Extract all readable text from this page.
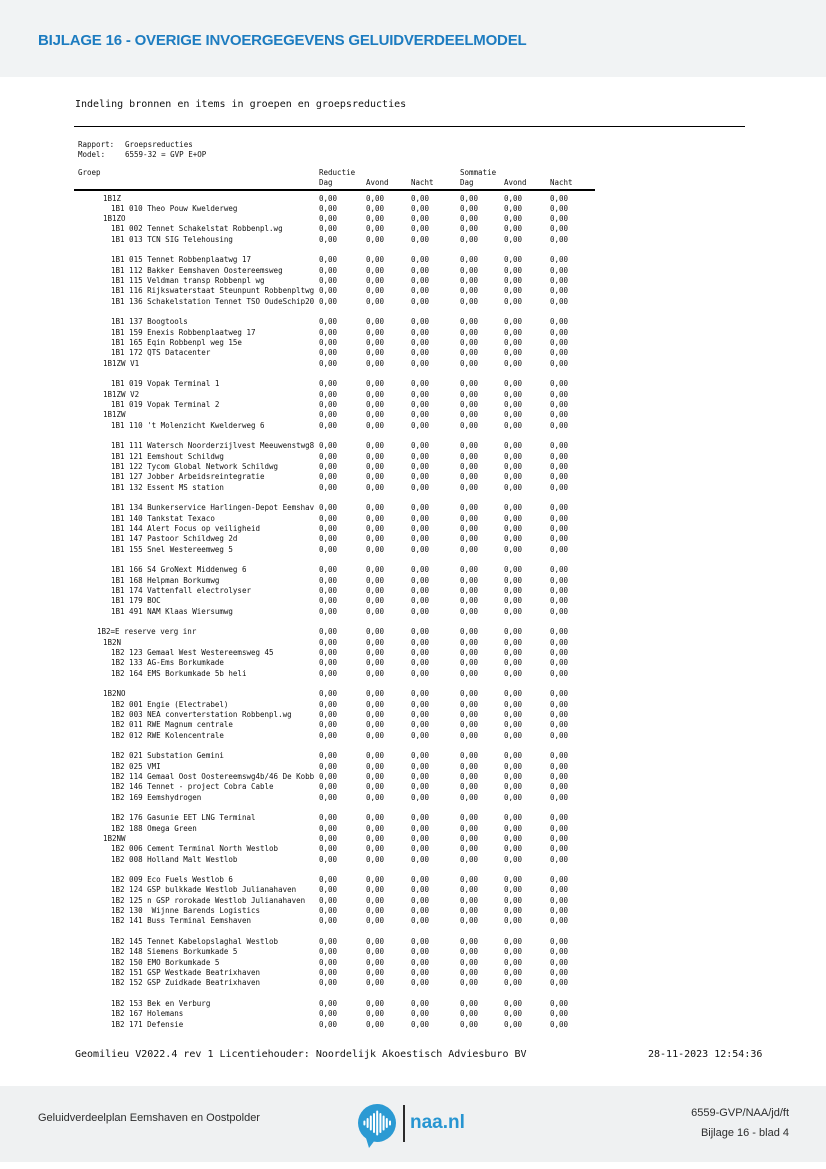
BIJLAGE 16 - OVERIGE INVOERGEGEVENS GELUIDVERDEELMODEL
Indeling bronnen en items in groepen en groepsreducties
Rapport: Groepsreducties
Model:	6559-32 = GVP E+OP
Groep	Reductie	Sommatie
Dag	Avond	Nacht	Dag	Avond	Nacht
1B1Z	0,00	0,00	0,00	0,00	0,00	0,00
1B1 010 Theo Pouw Kwelderweg	0,00	0,00	0,00	0,00	0,00	0,00
1B1ZO	0,00	0,00	0,00	0,00	0,00	0,00
1B1 002 Tennet Schakelstat Robbenpl.wg	0,00	0,00	0,00	0,00	0,00	0,00
1B1 013 TCN SIG Telehousing	0,00	0,00	0,00	0,00	0,00	0,00
1B1 015 Tennet Robbenplaatwg 17	0,00	0,00	0,00	0,00	0,00	0,00
1B1 112 Bakker Eemshaven Oostereemsweg	0,00	0,00	0,00	0,00	0,00	0,00
1B1 115 Veldman transp Robbenpl wg	0,00	0,00	0,00	0,00	0,00	0,00
1B1 116 Rijkswaterstaat Steunpunt Robbenpltwg 0,00	0,00	0,00	0,00	0,00	0,00
1B1 136 Schakelstation Tennet TSO OudeSchip20 0,00	0,00	0,00	0,00	0,00	0,00
1B1 137 Boogtools	0,00	0,00	0,00	0,00	0,00	0,00
1B1 159 Enexis Robbenplaatweg 17	0,00	0,00	0,00	0,00	0,00	0,00
1B1 165 Eqin Robbenpl weg 15e	0,00	0,00	0,00	0,00	0,00	0,00
1B1 172 QTS Datacenter	0,00	0,00	0,00	0,00	0,00	0,00
1B1ZW V1	0,00	0,00	0,00	0,00	0,00	0,00
1B1 019 Vopak Terminal 1	0,00	0,00	0,00	0,00	0,00	0,00
1B1ZW V2	0,00	0,00	0,00	0,00	0,00	0,00
1B1 019 Vopak Terminal 2	0,00	0,00	0,00	0,00	0,00	0,00
1B1ZW	0,00	0,00	0,00	0,00	0,00	0,00
1B1 110 't Molenzicht Kwelderweg 6	0,00	0,00	0,00	0,00	0,00	0,00
1B1 111 Watersch Noorderzijlvest Meeuwenstwg8 0,00	0,00	0,00	0,00	0,00	0,00
1B1 121 Eemshout Schildwg	0,00	0,00	0,00	0,00	0,00	0,00
1B1 122 Tycom Global Network Schildwg	0,00	0,00	0,00	0,00	0,00	0,00
1B1 127 Jobber Arbeidsreintegratie	0,00	0,00	0,00	0,00	0,00	0,00
1B1 132 Essent MS station	0,00	0,00	0,00	0,00	0,00	0,00
1B1 134 Bunkerservice Harlingen-Depot Eemshav 0,00	0,00	0,00	0,00	0,00	0,00
1B1 140 Tankstat Texaco	0,00	0,00	0,00	0,00	0,00	0,00
1B1 144 Alert Focus op veiligheid	0,00	0,00	0,00	0,00	0,00	0,00
1B1 147 Pastoor Schildweg 2d	0,00	0,00	0,00	0,00	0,00	0,00
1B1 155 Snel Westereemweg 5	0,00	0,00	0,00	0,00	0,00	0,00
1B1 166 S4 GroNext Middenweg 6	0,00	0,00	0,00	0,00	0,00	0,00
1B1 168 Helpman Borkumwg	0,00	0,00	0,00	0,00	0,00	0,00
1B1 174 Vattenfall electrolyser	0,00	0,00	0,00	0,00	0,00	0,00
1B1 179 BOC	0,00	0,00	0,00	0,00	0,00	0,00
1B1 491 NAM Klaas Wiersumwg	0,00	0,00	0,00	0,00	0,00	0,00
1B2=E reserve verg inr	0,00	0,00	0,00	0,00	0,00	0,00
1B2N	0,00	0,00	0,00	0,00	0,00	0,00
1B2 123 Gemaal West Westereemsweg 45	0,00	0,00	0,00	0,00	0,00	0,00
1B2 133 AG-Ems Borkumkade	0,00	0,00	0,00	0,00	0,00	0,00
1B2 164 EMS Borkumkade 5b heli	0,00	0,00	0,00	0,00	0,00	0,00
1B2NO	0,00	0,00	0,00	0,00	0,00	0,00
1B2 001 Engie (Electrabel)	0,00	0,00	0,00	0,00	0,00	0,00
1B2 003 NEA converterstation Robbenpl.wg	0,00	0,00	0,00	0,00	0,00	0,00
1B2 011 RWE Magnum centrale	0,00	0,00	0,00	0,00	0,00	0,00
1B2 012 RWE Kolencentrale	0,00	0,00	0,00	0,00	0,00	0,00
1B2 021 Substation Gemini	0,00	0,00	0,00	0,00	0,00	0,00
1B2 025 VMI	0,00	0,00	0,00	0,00	0,00	0,00
1B2 114 Gemaal Oost Oostereemswg4b/46 De Kobb 0,00	0,00	0,00	0,00	0,00	0,00
1B2 146 Tennet - project Cobra Cable	0,00	0,00	0,00	0,00	0,00	0,00
1B2 169 Eemshydrogen	0,00	0,00	0,00	0,00	0,00	0,00
1B2 176 Gasunie EET LNG Terminal	0,00	0,00	0,00	0,00	0,00	0,00
1B2 188 Omega Green	0,00	0,00	0,00	0,00	0,00	0,00
1B2NW	0,00	0,00	0,00	0,00	0,00	0,00
1B2 006 Cement Terminal North Westlob	0,00	0,00	0,00	0,00	0,00	0,00
1B2 008 Holland Malt Westlob	0,00	0,00	0,00	0,00	0,00	0,00
1B2 009 Eco Fuels Westlob 6	0,00	0,00	0,00	0,00	0,00	0,00
1B2 124 GSP bulkkade Westlob Julianahaven	0,00	0,00	0,00	0,00	0,00	0,00
1B2 125 n GSP rorokade Westlob Julianahaven 0,00	0,00	0,00	0,00	0,00	0,00
1B2 130  Wijnne Barends Logistics	0,00	0,00	0,00	0,00	0,00	0,00
1B2 141 Buss Terminal Eemshaven	0,00	0,00	0,00	0,00	0,00	0,00
1B2 145 Tennet Kabelopslaghal Westlob	0,00	0,00	0,00	0,00	0,00	0,00
1B2 148 Siemens Borkumkade 5	0,00	0,00	0,00	0,00	0,00	0,00
1B2 150 EMO Borkumkade 5	0,00	0,00	0,00	0,00	0,00	0,00
1B2 151 GSP Westkade Beatrixhaven	0,00	0,00	0,00	0,00	0,00	0,00
1B2 152 GSP Zuidkade Beatrixhaven	0,00	0,00	0,00	0,00	0,00	0,00
1B2 153 Bek en Verburg	0,00	0,00	0,00	0,00	0,00	0,00
1B2 167 Holemans	0,00	0,00	0,00	0,00	0,00	0,00
1B2 171 Defensie	0,00	0,00	0,00	0,00	0,00	0,00
Geomilieu V2022.4 rev 1 Licentiehouder: Noordelijk Akoestisch Adviesburo BV	28-11-2023 12:54:36
Geluidverdeelplan Eemshaven en Oostpolder	naa.nl	6559-GVP/NAA/jd/ft
Bijlage 16 - blad 4
